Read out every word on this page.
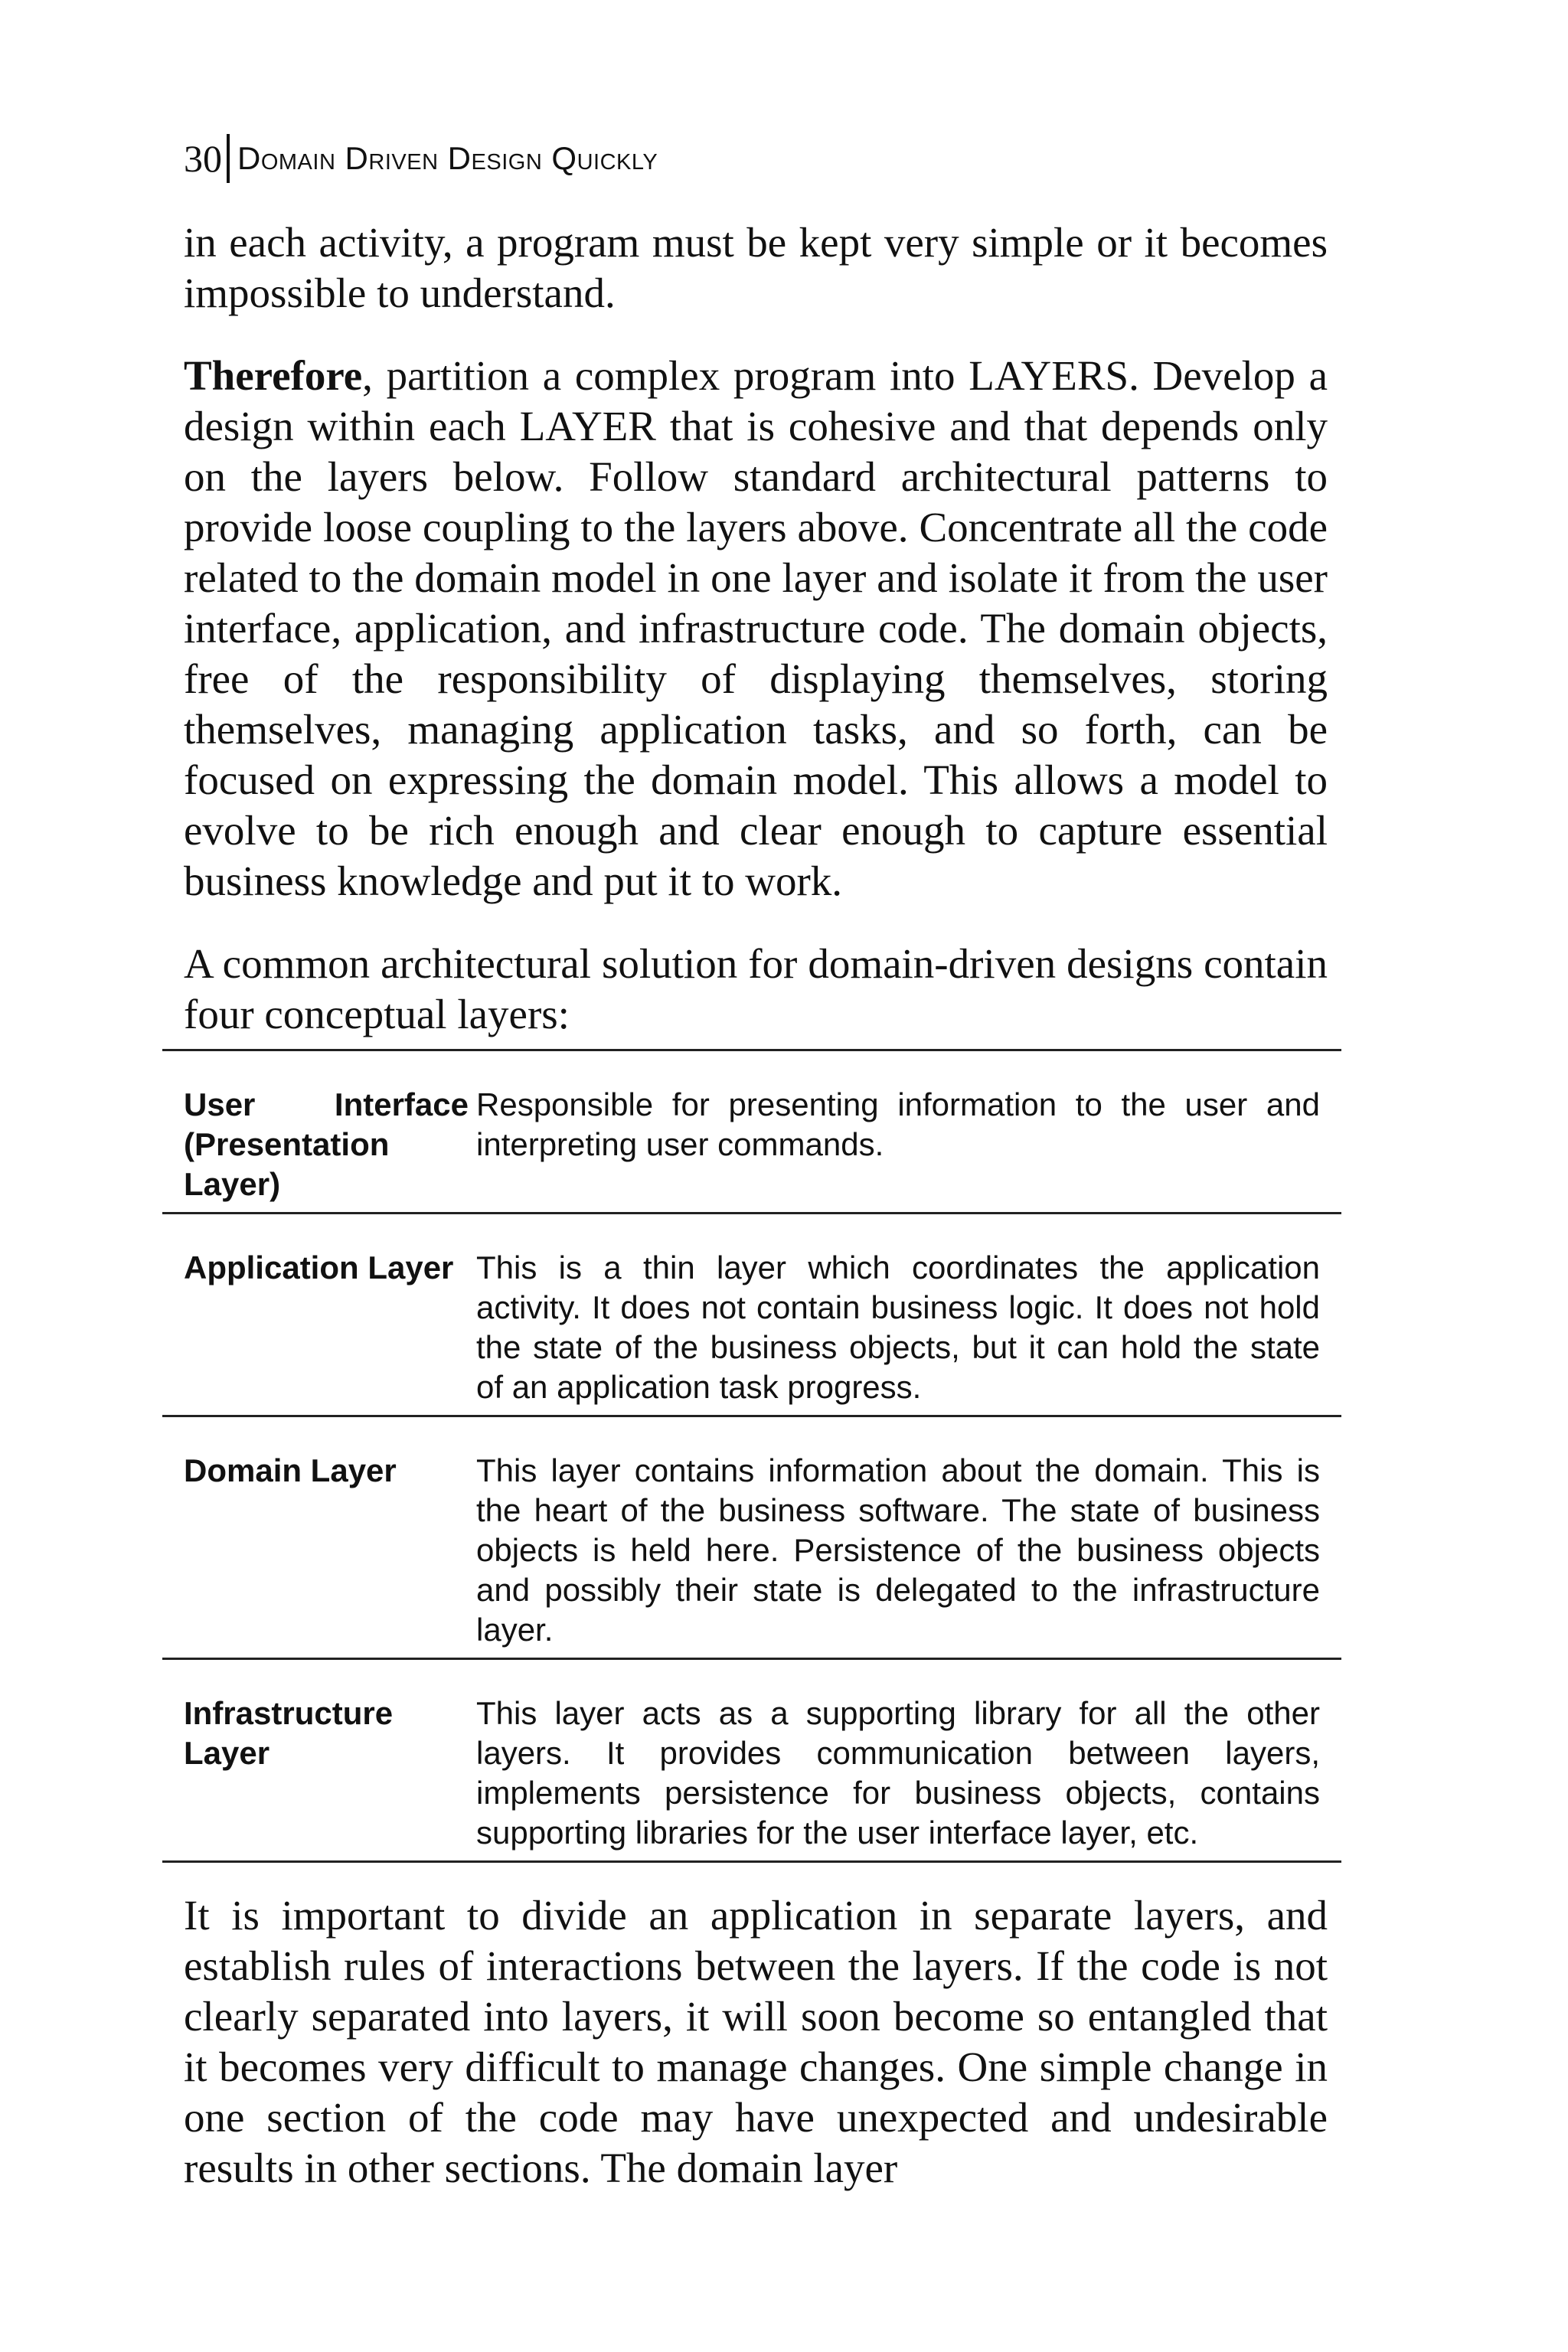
30 Domain Driven Design Quickly

in each activity, a program must be kept very simple or it becomes impossible to understand.

Therefore, partition a complex program into LAYERS. Develop a design within each LAYER that is cohesive and that depends only on the layers below. Follow standard architectural patterns to provide loose coupling to the layers above. Concentrate all the code related to the domain model in one layer and isolate it from the user interface, application, and infrastructure code. The domain objects, free of the responsibility of displaying themselves, storing themselves, managing application tasks, and so forth, can be focused on expressing the domain model. This allows a model to evolve to be rich enough and clear enough to capture essential business knowledge and put it to work.

A common architectural solution for domain-driven designs contain four conceptual layers:

User Interface (Presentation Layer)
Responsible for presenting information to the user and interpreting user commands.
Application Layer This is a thin layer which coordinates the application activity. It does not contain business logic. It does not hold the state of the business objects, but it can hold the state of an application task progress.
Domain Layer	This layer contains information about the domain. This is the heart of the business software. The state of business objects is held here. Persistence of the business objects and possibly their state is delegated to the infrastructure layer.
Infrastructure Layer
This layer acts as a supporting library for all the other layers. It provides communication between layers, implements persistence for business objects, contains supporting libraries for the user interface layer, etc.

It is important to divide an application in separate layers, and establish rules of interactions between the layers. If the code is not clearly separated into layers, it will soon become so entangled that it becomes very difficult to manage changes. One simple change in one section of the code may have unexpected and undesirable results in other sections. The domain layer
